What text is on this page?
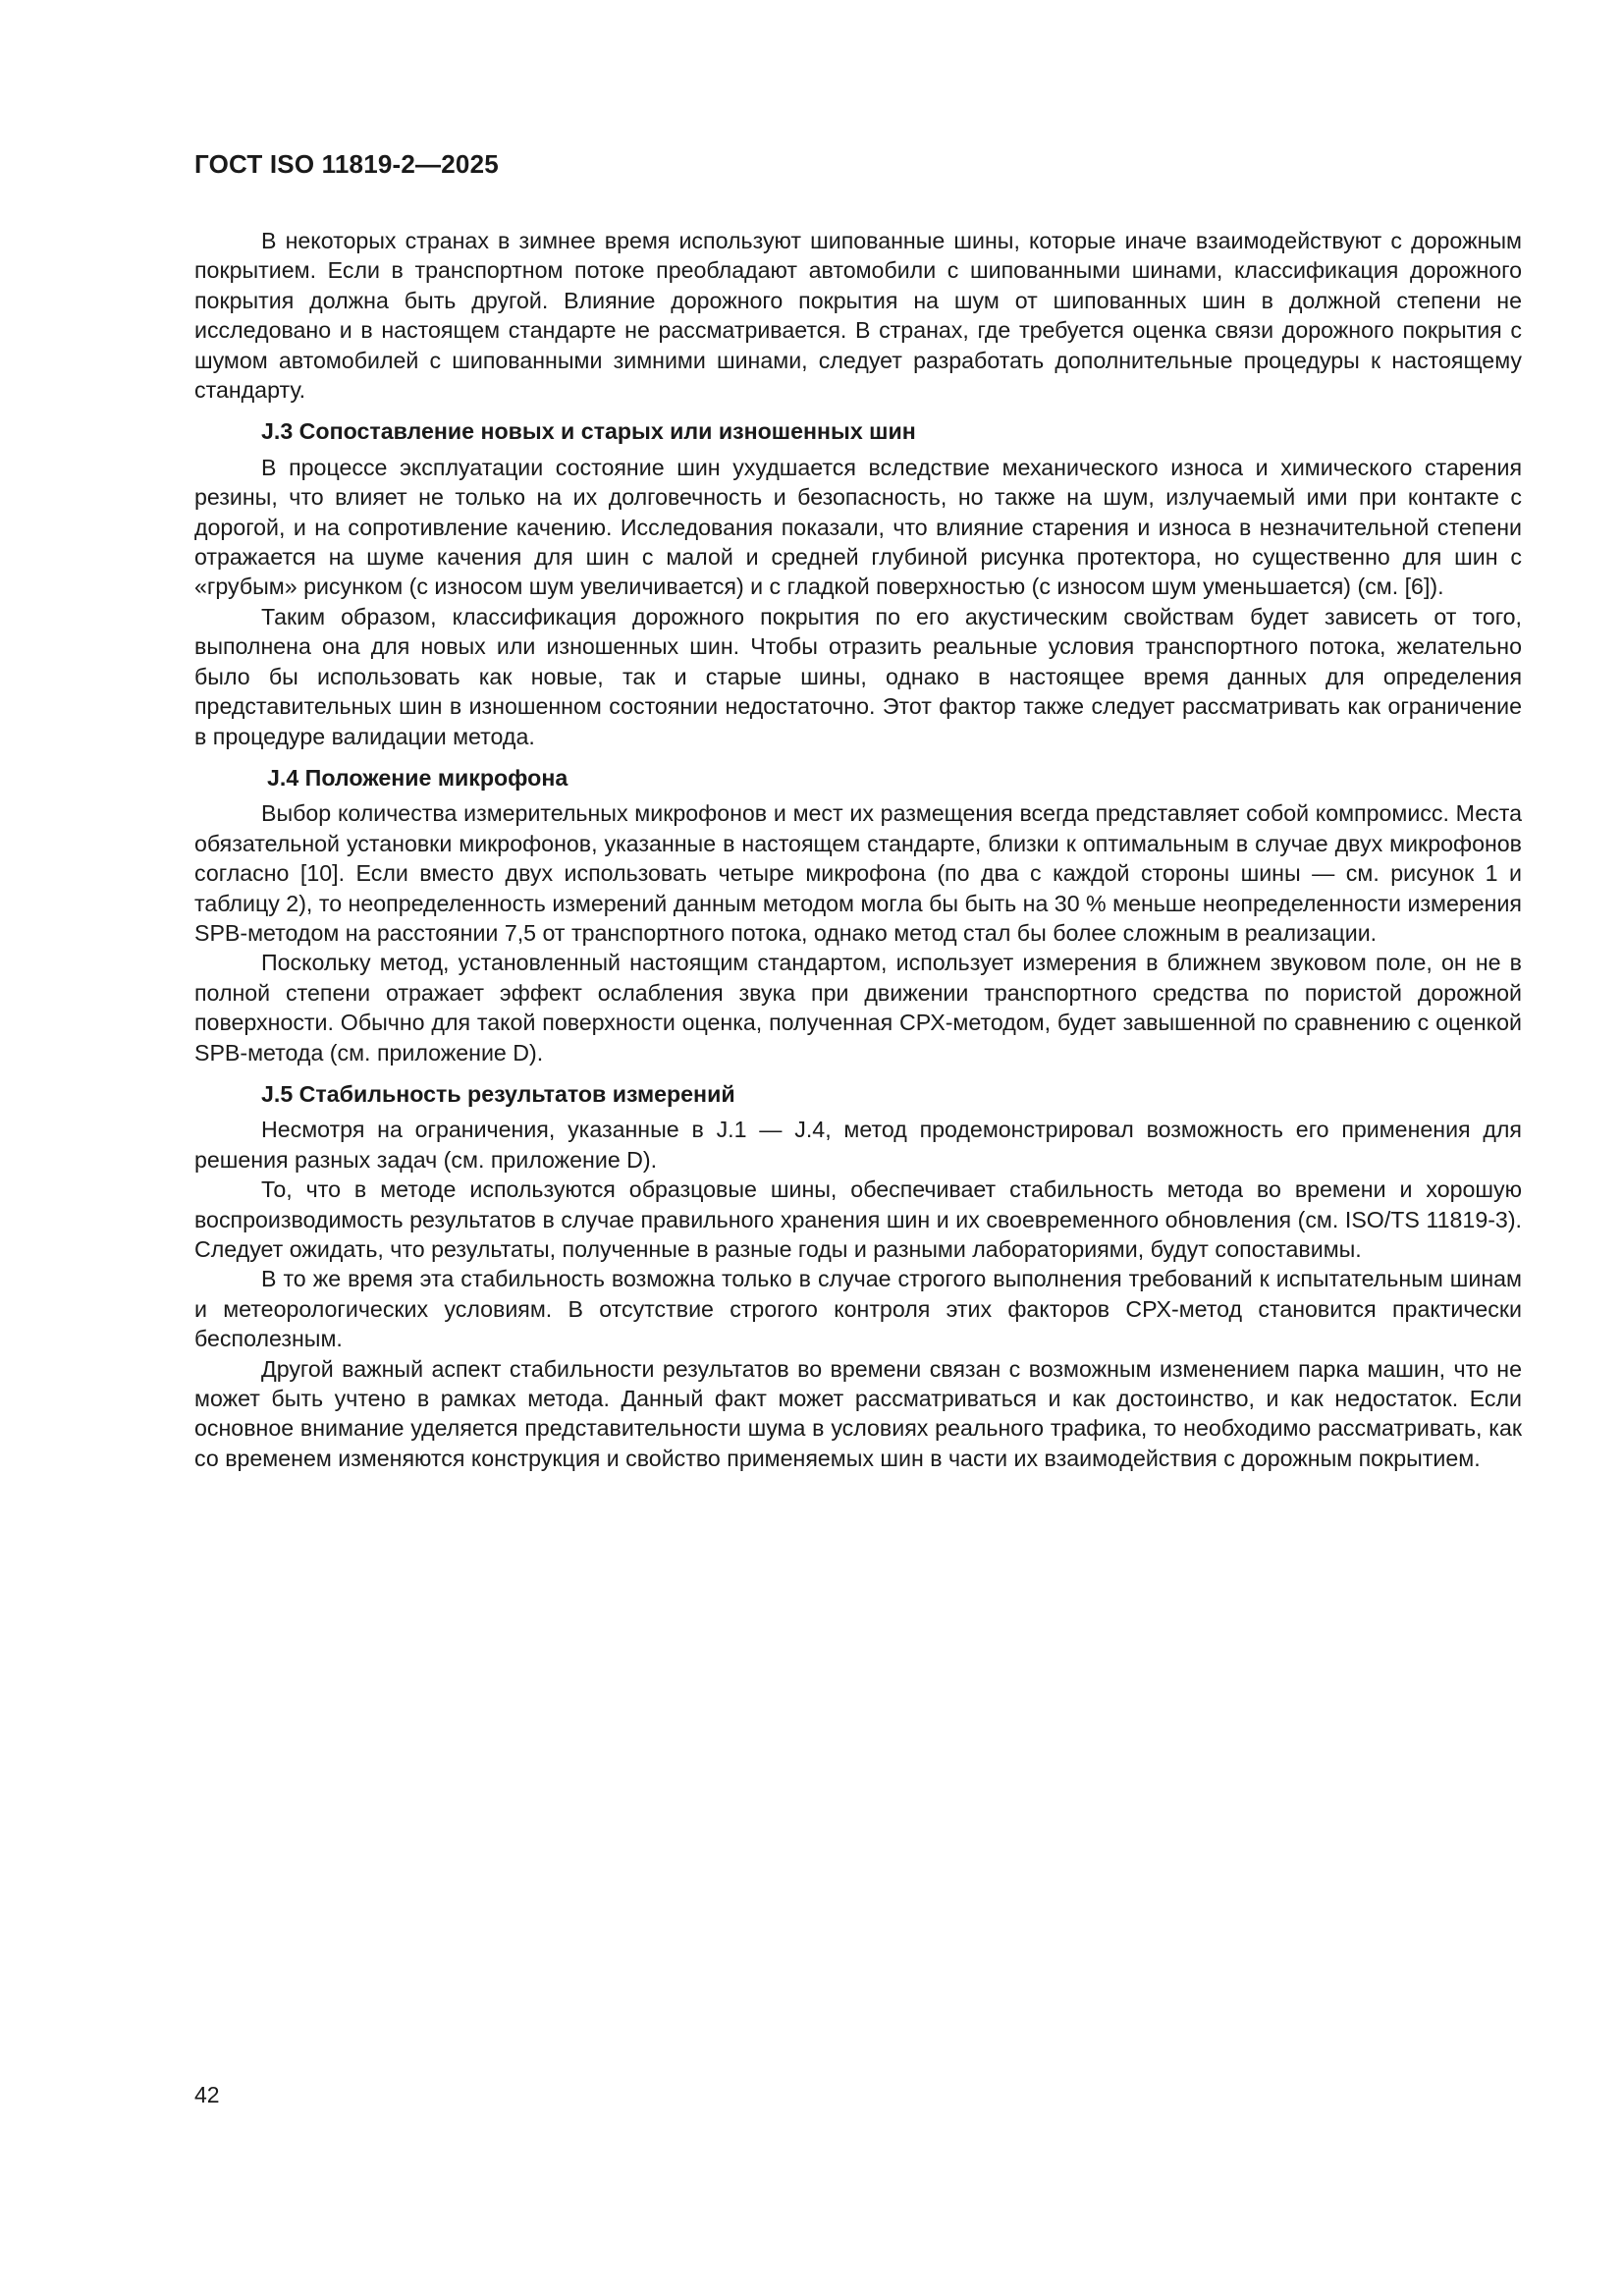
ГОСТ ISO 11819-2—2025

В некоторых странах в зимнее время используют шипованные шины, которые иначе взаимодействуют с дорожным покрытием. Если в транспортном потоке преобладают автомобили с шипованными шинами, классификация дорожного покрытия должна быть другой. Влияние дорожного покрытия на шум от шипованных шин в должной степени не исследовано и в настоящем стандарте не рассматривается. В странах, где требуется оценка связи дорожного покрытия с шумом автомобилей с шипованными зимними шинами, следует разработать дополнительные процедуры к настоящему стандарту.

J.3 Сопоставление новых и старых или изношенных шин

В процессе эксплуатации состояние шин ухудшается вследствие механического износа и химического старения резины, что влияет не только на их долговечность и безопасность, но также на шум, излучаемый ими при контакте с дорогой, и на сопротивление качению. Исследования показали, что влияние старения и износа в незначительной степени отражается на шуме качения для шин с малой и средней глубиной рисунка протектора, но существенно для шин с «грубым» рисунком (с износом шум увеличивается) и с гладкой поверхностью (с износом шум уменьшается) (см. [6]).

Таким образом, классификация дорожного покрытия по его акустическим свойствам будет зависеть от того, выполнена она для новых или изношенных шин. Чтобы отразить реальные условия транспортного потока, желательно было бы использовать как новые, так и старые шины, однако в настоящее время данных для определения представительных шин в изношенном состоянии недостаточно. Этот фактор также следует рассматривать как ограничение в процедуре валидации метода.

J.4 Положение микрофона

Выбор количества измерительных микрофонов и мест их размещения всегда представляет собой компромисс. Места обязательной установки микрофонов, указанные в настоящем стандарте, близки к оптимальным в случае двух микрофонов согласно [10]. Если вместо двух использовать четыре микрофона (по два с каждой стороны шины — см. рисунок 1 и таблицу 2), то неопределенность измерений данным методом могла бы быть на 30 % меньше неопределенности измерения SPB-методом на расстоянии 7,5 от транспортного потока, однако метод стал бы более сложным в реализации.

Поскольку метод, установленный настоящим стандартом, использует измерения в ближнем звуковом поле, он не в полной степени отражает эффект ослабления звука при движении транспортного средства по пористой дорожной поверхности. Обычно для такой поверхности оценка, полученная СРХ-методом, будет завышенной по сравнению с оценкой SPB-метода (см. приложение D).

J.5 Стабильность результатов измерений

Несмотря на ограничения, указанные в J.1 — J.4, метод продемонстрировал возможность его применения для решения разных задач (см. приложение D).

То, что в методе используются образцовые шины, обеспечивает стабильность метода во времени и хорошую воспроизводимость результатов в случае правильного хранения шин и их своевременного обновления (см. ISO/TS 11819-3). Следует ожидать, что результаты, полученные в разные годы и разными лабораториями, будут сопоставимы.

В то же время эта стабильность возможна только в случае строгого выполнения требований к испытательным шинам и метеорологических условиям. В отсутствие строгого контроля этих факторов СРХ-метод становится практически бесполезным.

Другой важный аспект стабильности результатов во времени связан с возможным изменением парка машин, что не может быть учтено в рамках метода. Данный факт может рассматриваться и как достоинство, и как недостаток. Если основное внимание уделяется представительности шума в условиях реального трафика, то необходимо рассматривать, как со временем изменяются конструкция и свойство применяемых шин в части их взаимодействия с дорожным покрытием.

42
